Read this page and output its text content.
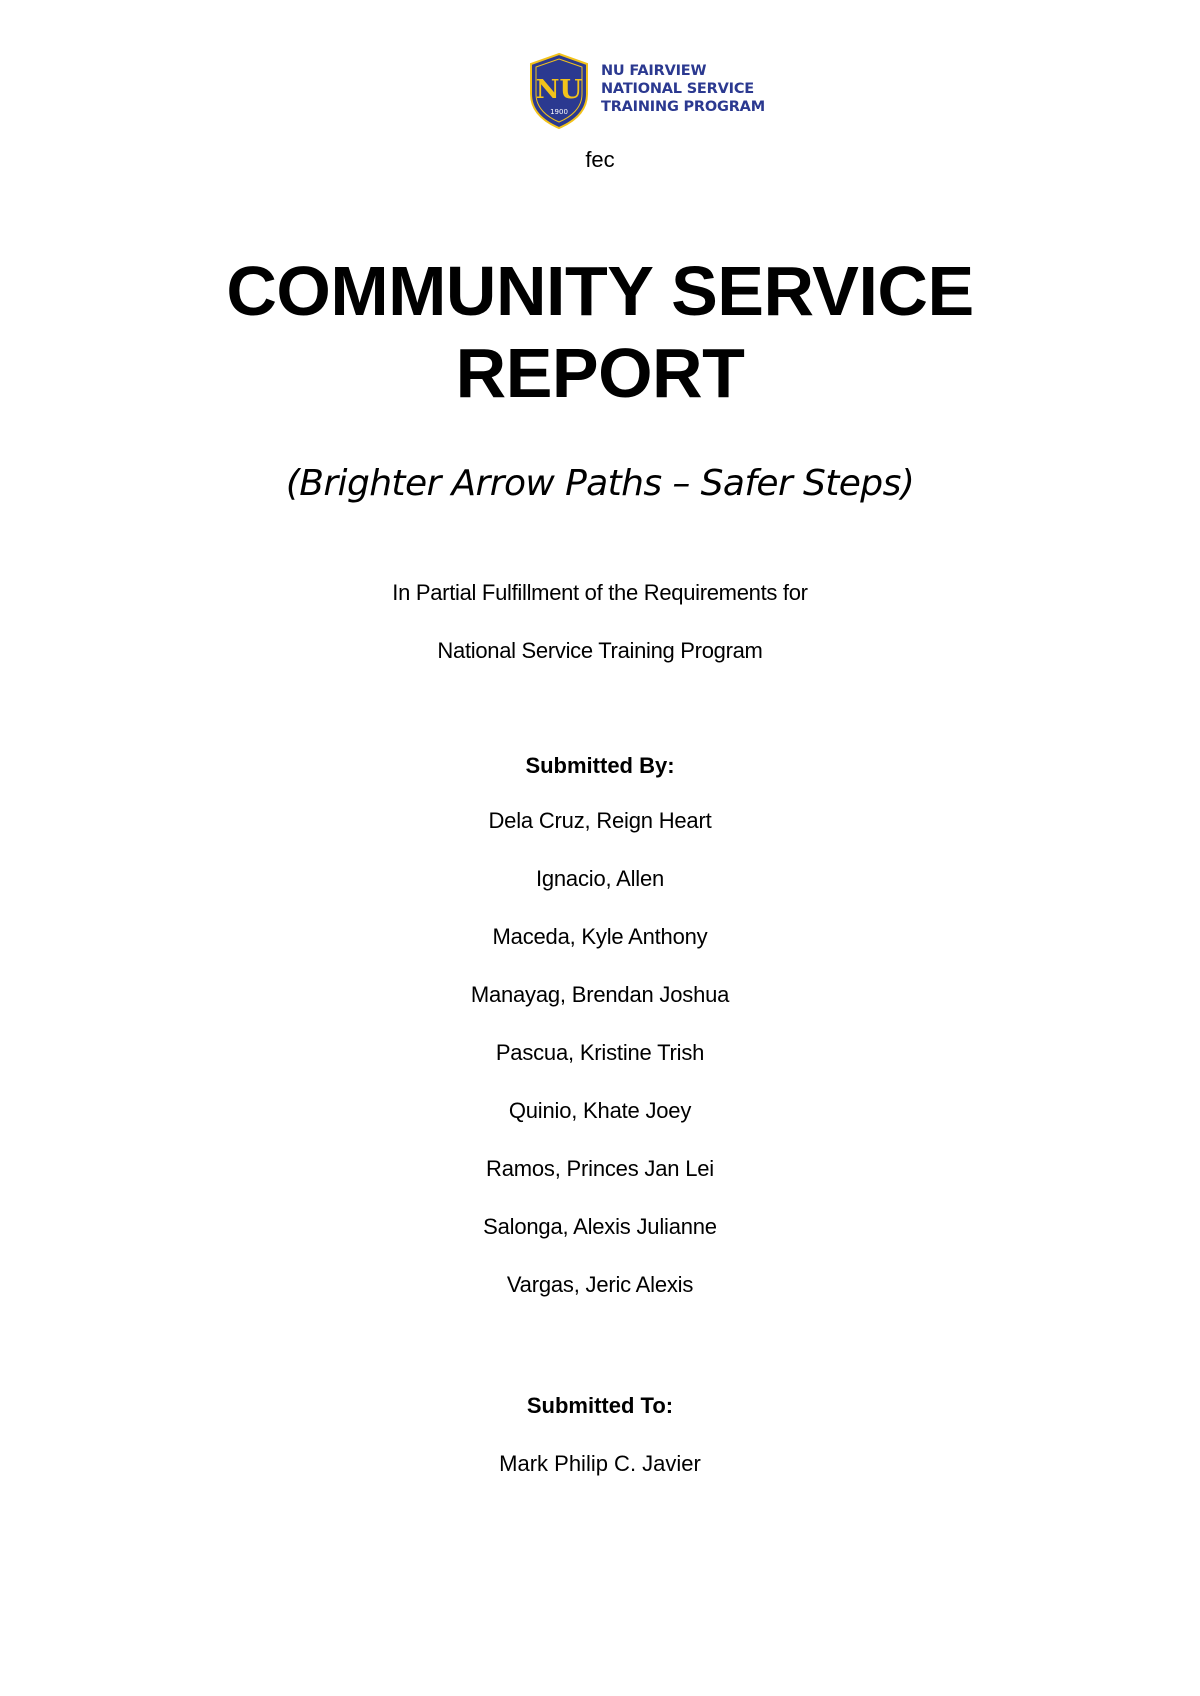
NU
1900
NU FAIRVIEW
NATIONAL SERVICE
TRAINING PROGRAM
fec
COMMUNITY SERVICE
REPORT
(Brighter Arrow Paths – Safer Steps)
In Partial Fulfillment of the Requirements for
National Service Training Program
Submitted By:
Dela Cruz, Reign Heart
Ignacio, Allen
Maceda, Kyle Anthony
Manayag, Brendan Joshua
Pascua, Kristine Trish
Quinio, Khate Joey
Ramos, Princes Jan Lei
Salonga, Alexis Julianne
Vargas, Jeric Alexis
Submitted To:
Mark Philip C. Javier
